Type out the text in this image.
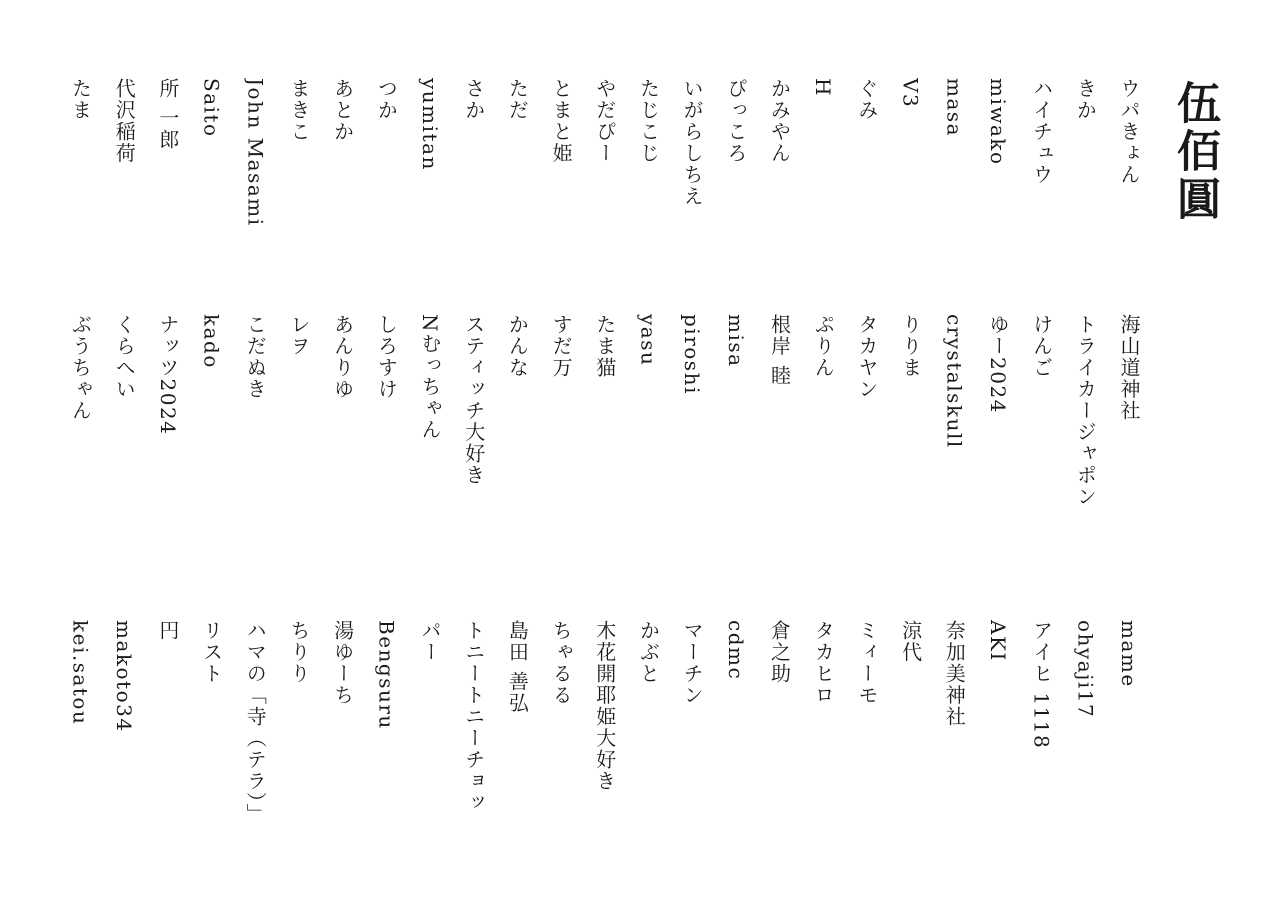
伍佰圓
ウパきょん
きか
ハイチュウ
miwako
masa
V3
ぐみ
H
かみやん
ぴっころ
いがらしちえ
たじこじ
やだぴー
とまと姫
ただ
さか
yumitan
つか
あとか
まきこ
John Masami
Saito
所 一郎
代沢稲荷
たま
海山道神社
トライカージャポン
けんご
ゆー2024
crystalskull
りりま
タカヤン
ぷりん
根岸 睦
misa
piroshi
yasu
たま猫
すだ万
かんな
スティッチ大好き
Nむっちゃん
しろすけ
あんりゆ
レヲ
こだぬき
kado
ナッツ2024
くらへい
ぶうちゃん
mame
ohyaji17
アイヒ 1118
AKI
奈加美神社
涼代
ミィーモ
タカヒロ
倉之助
cdmc
マーチン
かぶと
木花開耶姫大好き
ちゃるる
島田 善弘
トニートニーチョッ
パー
Bengsuru
湯ゆーち
ちりり
ハマの「寺（テラ）」
リスト
円
makoto34
kei.satou
